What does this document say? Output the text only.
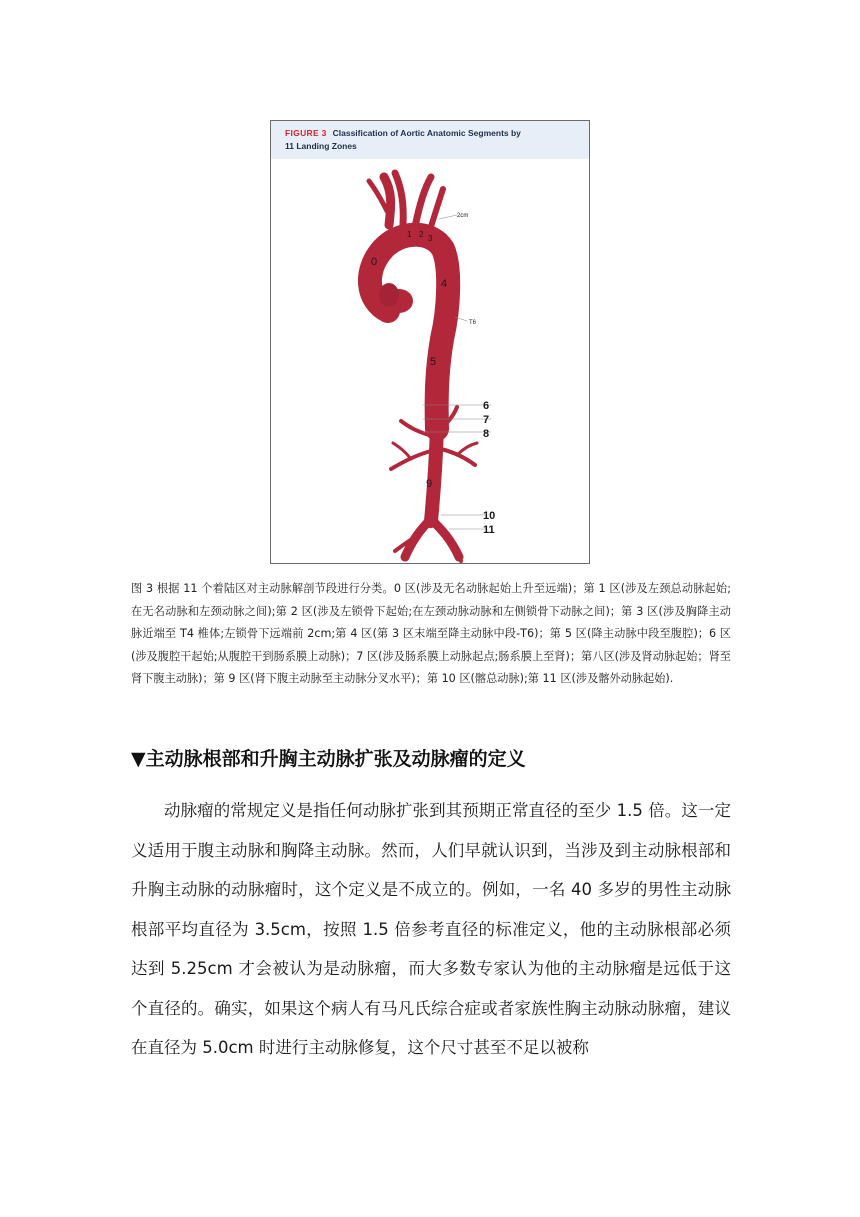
FIGURE 3 Classification of Aortic Anatomic Segments by
11 Landing Zones
2cm
T6
0
1 2 3
4
5
6
7
8
9
10
11
图 3 根据 11 个着陆区对主动脉解剖节段进行分类。0 区(涉及无名动脉起始上升至远端)；第 1 区(涉及左颈总动脉起始;在无名动脉和左颈动脉之间);第 2 区(涉及左锁骨下起始;在左颈动脉动脉和左侧锁骨下动脉之间)；第 3 区(涉及胸降主动脉近端至 T4 椎体;左锁骨下远端前 2cm;第 4 区(第 3 区末端至降主动脉中段-T6)；第 5 区(降主动脉中段至腹腔)；6 区(涉及腹腔干起始;从腹腔干到肠系膜上动脉)；7 区(涉及肠系膜上动脉起点;肠系膜上至肾)；第八区(涉及肾动脉起始；肾至肾下腹主动脉)；第 9 区(肾下腹主动脉至主动脉分叉水平)；第 10 区(髂总动脉);第 11 区(涉及髂外动脉起始).
▼主动脉根部和升胸主动脉扩张及动脉瘤的定义
动脉瘤的常规定义是指任何动脉扩张到其预期正常直径的至少 1.5 倍。这一定义适用于腹主动脉和胸降主动脉。然而，人们早就认识到，当涉及到主动脉根部和升胸主动脉的动脉瘤时，这个定义是不成立的。例如，一名 40 多岁的男性主动脉根部平均直径为 3.5cm，按照 1.5 倍参考直径的标准定义，他的主动脉根部必须达到 5.25cm 才会被认为是动脉瘤，而大多数专家认为他的主动脉瘤是远低于这个直径的。确实，如果这个病人有马凡氏综合症或者家族性胸主动脉动脉瘤，建议在直径为 5.0cm 时进行主动脉修复，这个尺寸甚至不足以被称
